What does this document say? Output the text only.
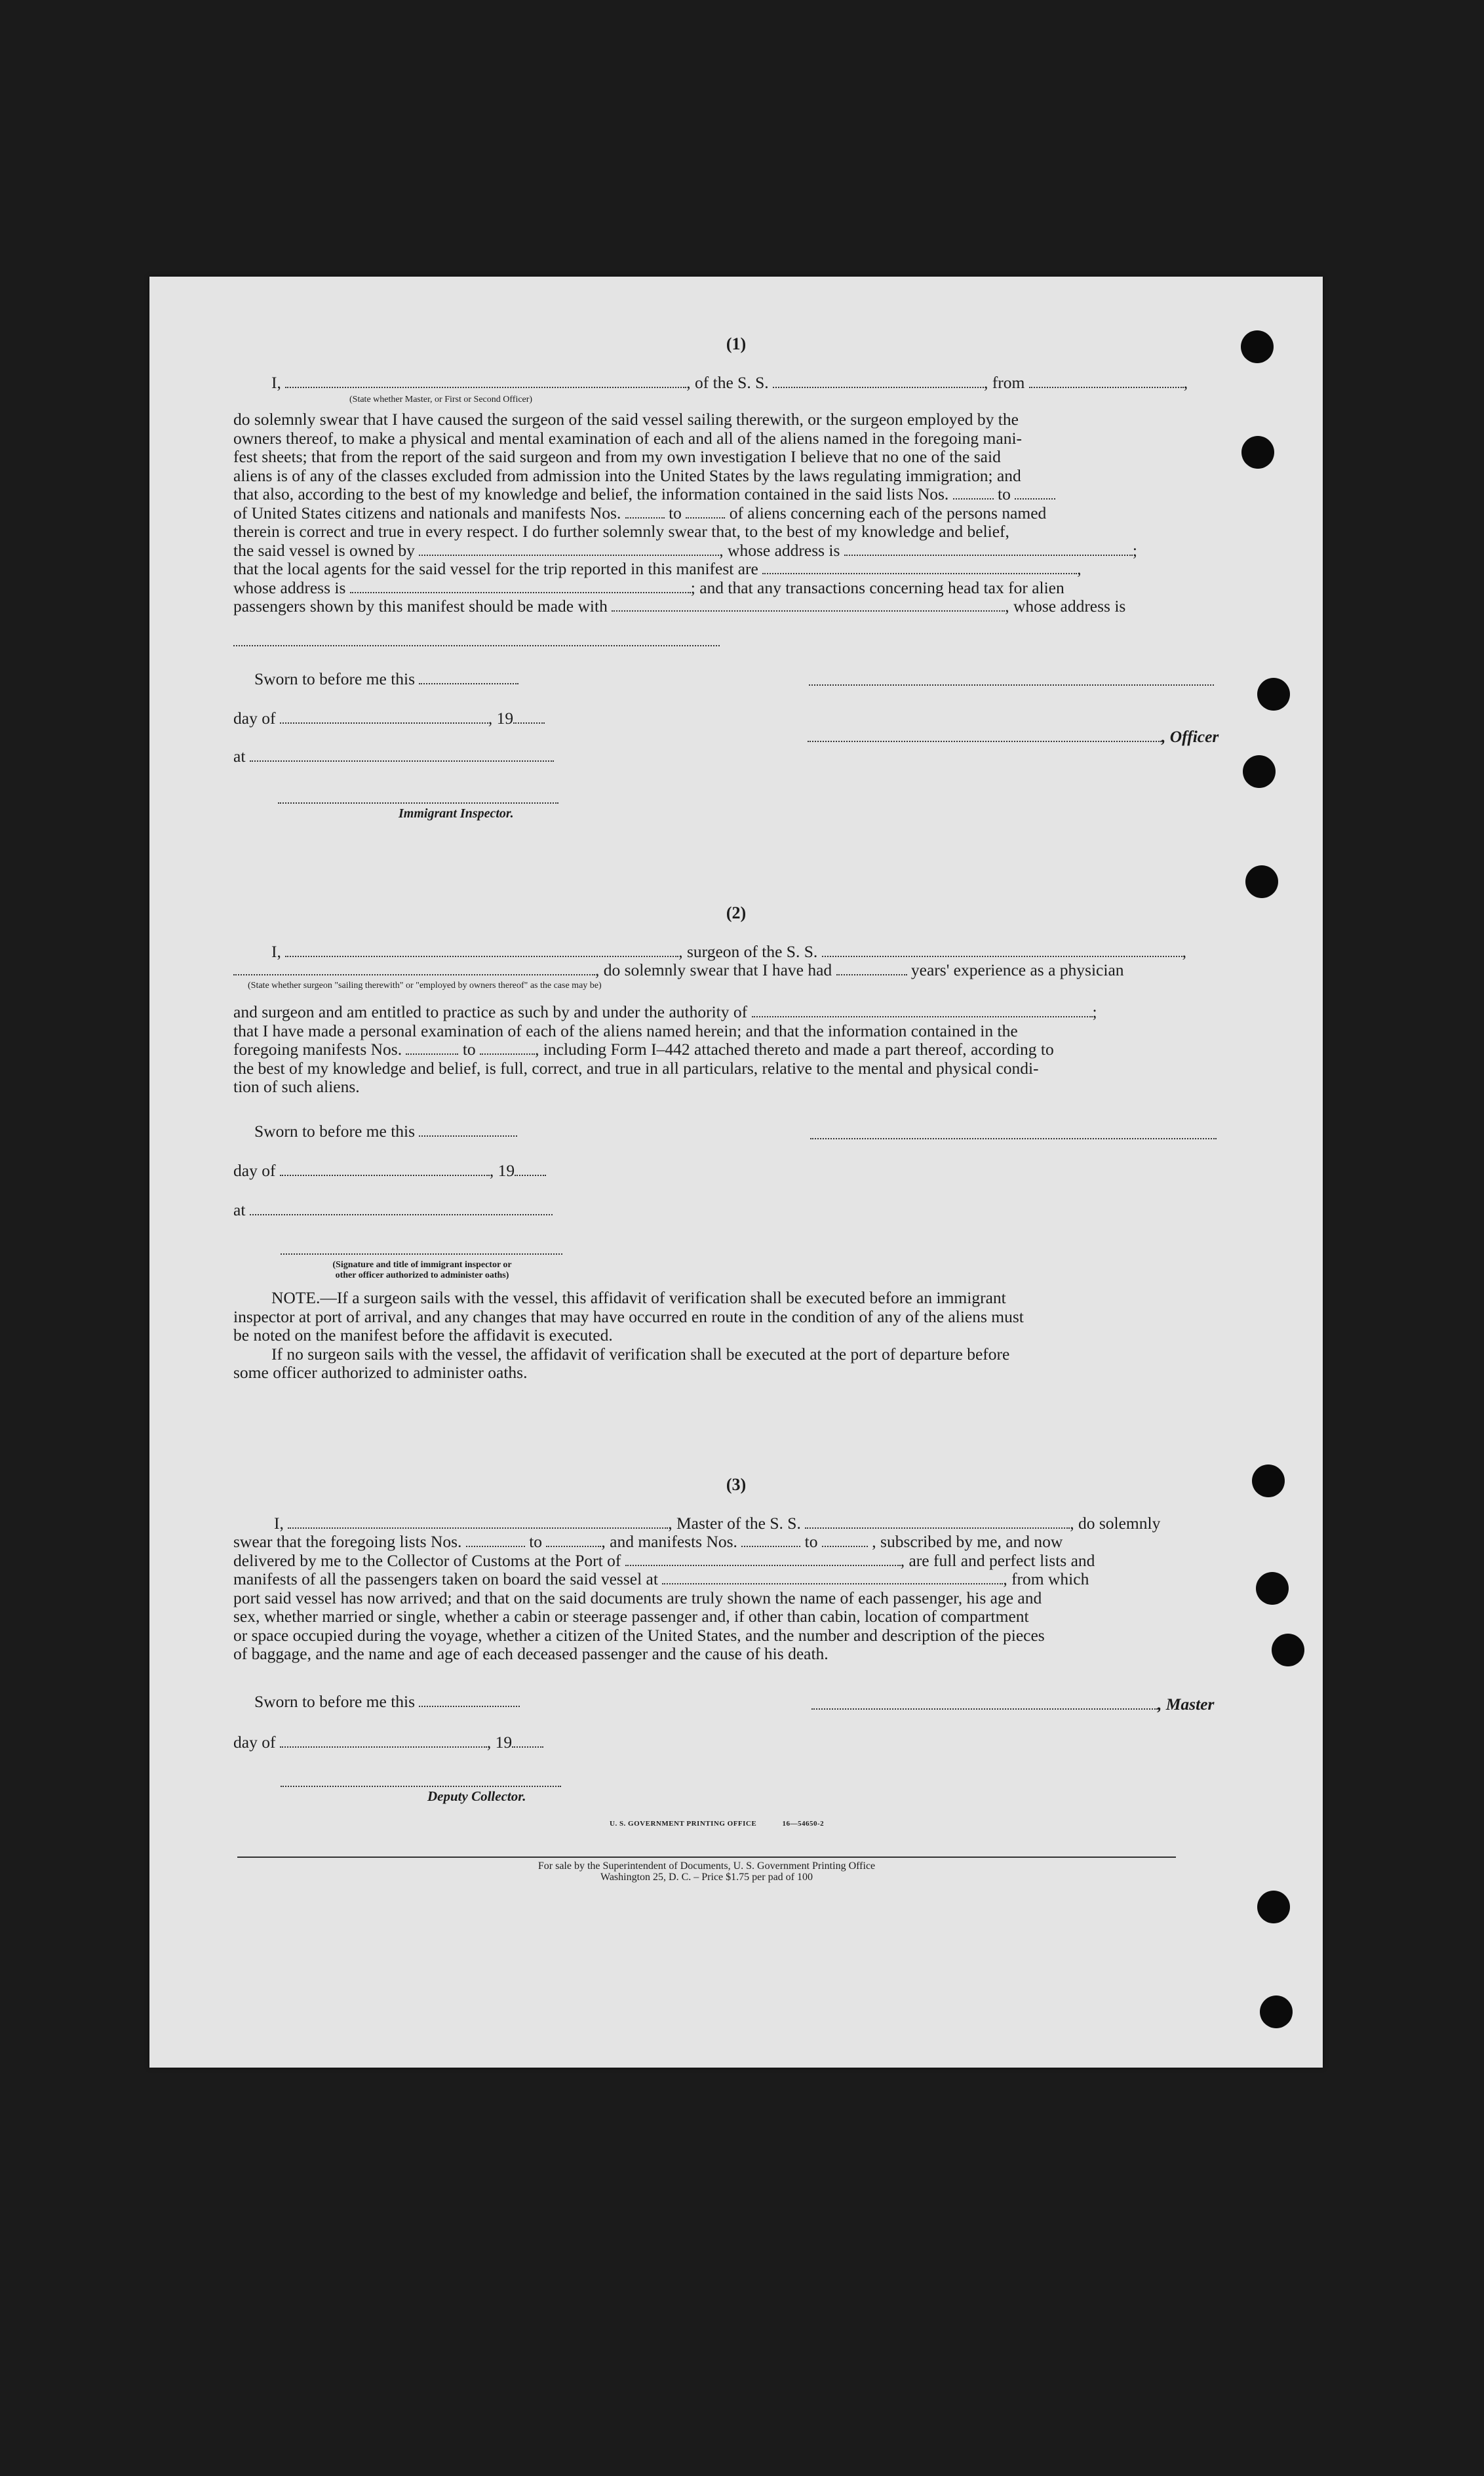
(1)
I,	, of the S. S.	, from	,
(State whether Master, or First or Second Officer)
do solemnly swear that I have caused the surgeon of the said vessel sailing therewith, or the surgeon employed by the
owners thereof, to make a physical and mental examination of each and all of the aliens named in the foregoing mani-
fest sheets; that from the report of the said surgeon and from my own investigation I believe that no one of the said
aliens is of any of the classes excluded from admission into the United States by the laws regulating immigration; and
that also, according to the best of my knowledge and belief, the information contained in the said lists Nos.	to
of United States citizens and nationals and manifests Nos.	to	of aliens concerning each of the persons named
therein is correct and true in every respect. I do further solemnly swear that, to the best of my knowledge and belief,
the said vessel is owned by	, whose address is	;
that the local agents for the said vessel for the trip reported in this manifest are	,
whose address is	; and that any transactions concerning head tax for alien
passengers shown by this manifest should be made with	, whose address is
Sworn to before me this
day of	, 19
at
, Officer
Immigrant Inspector.
(2)
I,	, surgeon of the S. S.	,
, do solemnly swear that I have had	years' experience as a physician
(State whether surgeon "sailing therewith" or "employed by owners thereof" as the case may be)
and surgeon and am entitled to practice as such by and under the authority of	;
that I have made a personal examination of each of the aliens named herein; and that the information contained in the
foregoing manifests Nos.	to	, including Form I–442 attached thereto and made a part thereof, according to
the best of my knowledge and belief, is full, correct, and true in all particulars, relative to the mental and physical condi-
tion of such aliens.
Sworn to before me this
day of	, 19
at
(Signature and title of immigrant inspector or
other officer authorized to administer oaths)
NOTE.—If a surgeon sails with the vessel, this affidavit of verification shall be executed before an immigrant
inspector at port of arrival, and any changes that may have occurred en route in the condition of any of the aliens must
be noted on the manifest before the affidavit is executed.
If no surgeon sails with the vessel, the affidavit of verification shall be executed at the port of departure before
some officer authorized to administer oaths.
(3)
I,	, Master of the S. S.	, do solemnly
swear that the foregoing lists Nos.	to	, and manifests Nos.	to	, subscribed by me, and now
delivered by me to the Collector of Customs at the Port of	, are full and perfect lists and
manifests of all the passengers taken on board the said vessel at	, from which
port said vessel has now arrived; and that on the said documents are truly shown the name of each passenger, his age and
sex, whether married or single, whether a cabin or steerage passenger and, if other than cabin, location of compartment
or space occupied during the voyage, whether a citizen of the United States, and the number and description of the pieces
of baggage, and the name and age of each deceased passenger and the cause of his death.
Sworn to before me this	, Master
day of	, 19
Deputy Collector.
U. S. GOVERNMENT PRINTING OFFICE	16—54650-2
For sale by the Superintendent of Documents, U. S. Government Printing Office
Washington 25, D. C. – Price $1.75 per pad of 100
